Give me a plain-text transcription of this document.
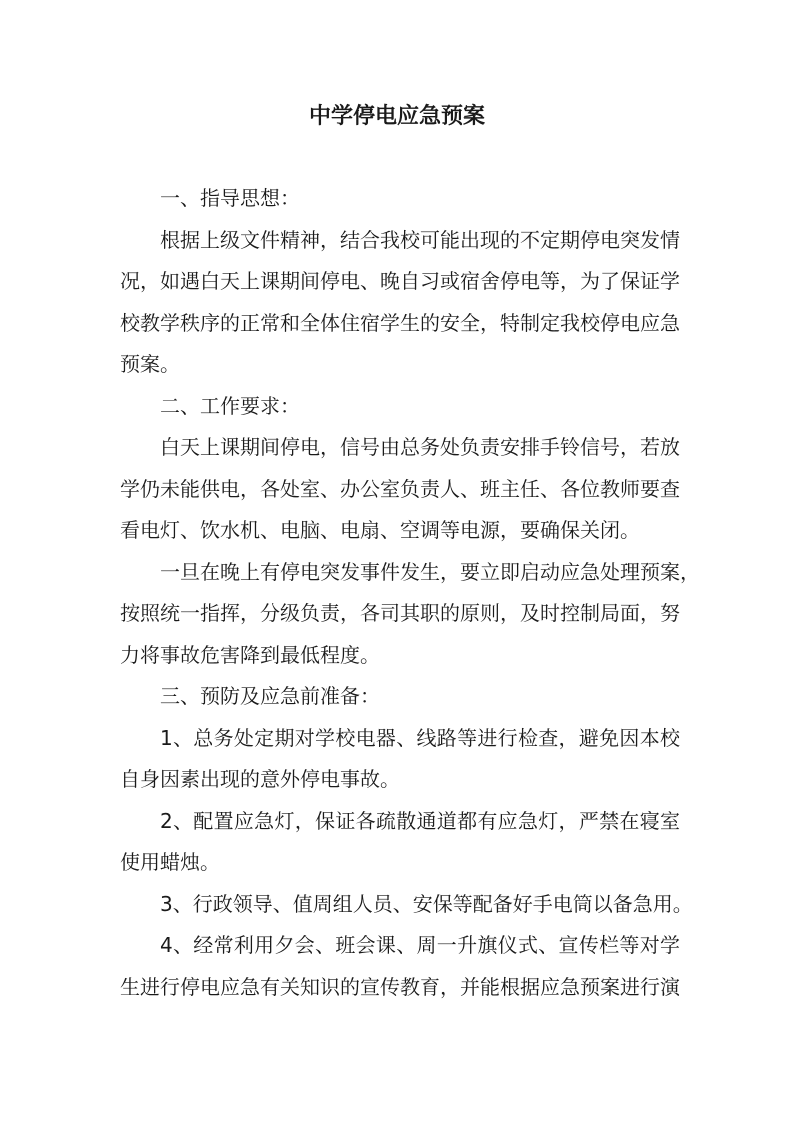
中学停电应急预案
一、指导思想：
根据上级文件精神，结合我校可能出现的不定期停电突发情
况，如遇白天上课期间停电、晚自习或宿舍停电等，为了保证学
校教学秩序的正常和全体住宿学生的安全，特制定我校停电应急
预案。
二、工作要求：
白天上课期间停电，信号由总务处负责安排手铃信号，若放
学仍未能供电，各处室、办公室负责人、班主任、各位教师要查
看电灯、饮水机、电脑、电扇、空调等电源，要确保关闭。
一旦在晚上有停电突发事件发生，要立即启动应急处理预案，
按照统一指挥，分级负责，各司其职的原则，及时控制局面，努
力将事故危害降到最低程度。
三、预防及应急前准备：
1、总务处定期对学校电器、线路等进行检查，避免因本校
自身因素出现的意外停电事故。
2、配置应急灯，保证各疏散通道都有应急灯，严禁在寝室
使用蜡烛。
3、行政领导、值周组人员、安保等配备好手电筒以备急用。
4、经常利用夕会、班会课、周一升旗仪式、宣传栏等对学
生进行停电应急有关知识的宣传教育，并能根据应急预案进行演
